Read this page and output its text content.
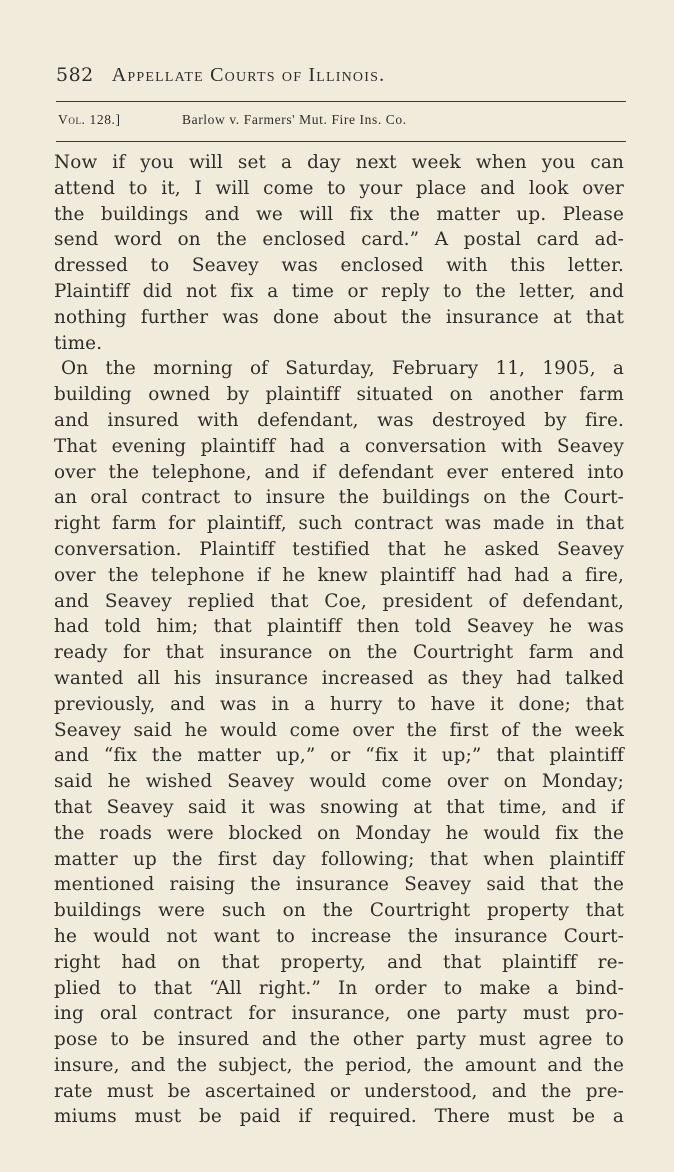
582 Appellate Courts of Illinois.
Vol. 128.]	Barlow v. Farmers' Mut. Fire Ins. Co.
Now if you will set a day next week when you can
attend to it, I will come to your place and look over
the buildings and we will fix the matter up. Please
send word on the enclosed card.” A postal card ad-
dressed to Seavey was enclosed with this letter.
Plaintiff did not fix a time or reply to the letter, and
nothing further was done about the insurance at that
time.
On the morning of Saturday, February 11, 1905, a
building owned by plaintiff situated on another farm
and insured with defendant, was destroyed by fire.
That evening plaintiff had a conversation with Seavey
over the telephone, and if defendant ever entered into
an oral contract to insure the buildings on the Court-
right farm for plaintiff, such contract was made in that
conversation. Plaintiff testified that he asked Seavey
over the telephone if he knew plaintiff had had a fire,
and Seavey replied that Coe, president of defendant,
had told him; that plaintiff then told Seavey he was
ready for that insurance on the Courtright farm and
wanted all his insurance increased as they had talked
previously, and was in a hurry to have it done; that
Seavey said he would come over the first of the week
and “fix the matter up,” or “fix it up;” that plaintiff
said he wished Seavey would come over on Monday;
that Seavey said it was snowing at that time, and if
the roads were blocked on Monday he would fix the
matter up the first day following; that when plaintiff
mentioned raising the insurance Seavey said that the
buildings were such on the Courtright property that
he would not want to increase the insurance Court-
right had on that property, and that plaintiff re-
plied to that “All right.” In order to make a bind-
ing oral contract for insurance, one party must pro-
pose to be insured and the other party must agree to
insure, and the subject, the period, the amount and the
rate must be ascertained or understood, and the pre-
miums must be paid if required. There must be a
